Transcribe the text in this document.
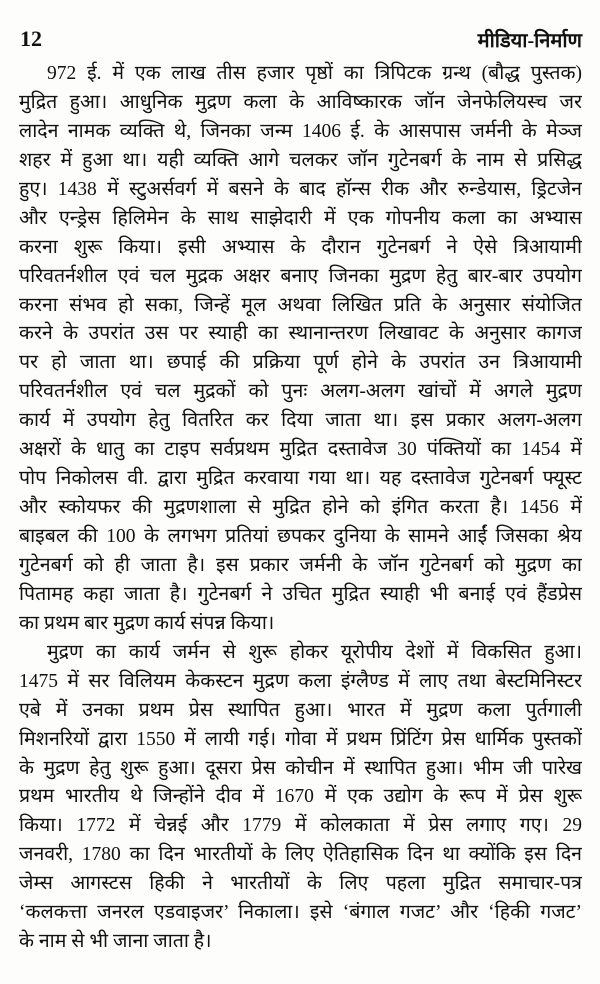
12	मीडिया-निर्माण
972 ई. में एक लाख तीस हजार पृष्ठों का त्रिपिटक ग्रन्थ (बौद्ध पुस्तक)
मुद्रित हुआ। आधुनिक मुद्रण कला के आविष्कारक जॉन जेनफेलियस्च जर
लादेन नामक व्यक्ति थे, जिनका जन्म 1406 ई. के आसपास जर्मनी के मेञ्ज
शहर में हुआ था। यही व्यक्ति आगे चलकर जॉन गुटेनबर्ग के नाम से प्रसिद्ध
हुए। 1438 में स्टुअर्सवर्ग में बसने के बाद हॉन्स रीक और रुन्डेयास, ड्रिटजेन
और एन्ड्रेस हिलिमेन के साथ साझेदारी में एक गोपनीय कला का अभ्यास
करना शुरू किया। इसी अभ्यास के दौरान गुटेनबर्ग ने ऐसे त्रिआयामी
परिवतर्नशील एवं चल मुद्रक अक्षर बनाए जिनका मुद्रण हेतु बार-बार उपयोग
करना संभव हो सका, जिन्हें मूल अथवा लिखित प्रति के अनुसार संयोजित
करने के उपरांत उस पर स्याही का स्थानान्तरण लिखावट के अनुसार कागज
पर हो जाता था। छपाई की प्रक्रिया पूर्ण होने के उपरांत उन त्रिआयामी
परिवतर्नशील एवं चल मुद्रकों को पुनः अलग-अलग खांचों में अगले मुद्रण
कार्य में उपयोग हेतु वितरित कर दिया जाता था। इस प्रकार अलग-अलग
अक्षरों के धातु का टाइप सर्वप्रथम मुद्रित दस्तावेज 30 पंक्तियों का 1454 में
पोप निकोलस वी. द्वारा मुद्रित करवाया गया था। यह दस्तावेज गुटेनबर्ग फ्यूस्ट
और स्कोयफर की मुद्रणशाला से मुद्रित होने को इंगित करता है। 1456 में
बाइबल की 100 के लगभग प्रतियां छपकर दुनिया के सामने आईं जिसका श्रेय
गुटेनबर्ग को ही जाता है। इस प्रकार जर्मनी के जॉन गुटेनबर्ग को मुद्रण का
पितामह कहा जाता है। गुटेनबर्ग ने उचित मुद्रित स्याही भी बनाई एवं हैंडप्रेस
का प्रथम बार मुद्रण कार्य संपन्न किया।
मुद्रण का कार्य जर्मन से शुरू होकर यूरोपीय देशों में विकसित हुआ।
1475 में सर विलियम केकस्टन मुद्रण कला इंग्लैण्ड में लाए तथा बेस्टमिनिस्टर
एबे में उनका प्रथम प्रेस स्थापित हुआ। भारत में मुद्रण कला पुर्तगाली
मिशनरियों द्वारा 1550 में लायी गई। गोवा में प्रथम प्रिंटिंग प्रेस धार्मिक पुस्तकों
के मुद्रण हेतु शुरू हुआ। दूसरा प्रेस कोचीन में स्थापित हुआ। भीम जी पारेख
प्रथम भारतीय थे जिन्होंने दीव में 1670 में एक उद्योग के रूप में प्रेस शुरू
किया। 1772 में चेन्नई और 1779 में कोलकाता में प्रेस लगाए गए। 29
जनवरी, 1780 का दिन भारतीयों के लिए ऐतिहासिक दिन था क्योंकि इस दिन
जेम्स आगस्टस हिकी ने भारतीयों के लिए पहला मुद्रित समाचार-पत्र
‘कलकत्ता जनरल एडवाइजर’ निकाला। इसे ‘बंगाल गजट’ और ‘हिकी गजट’
के नाम से भी जाना जाता है।
